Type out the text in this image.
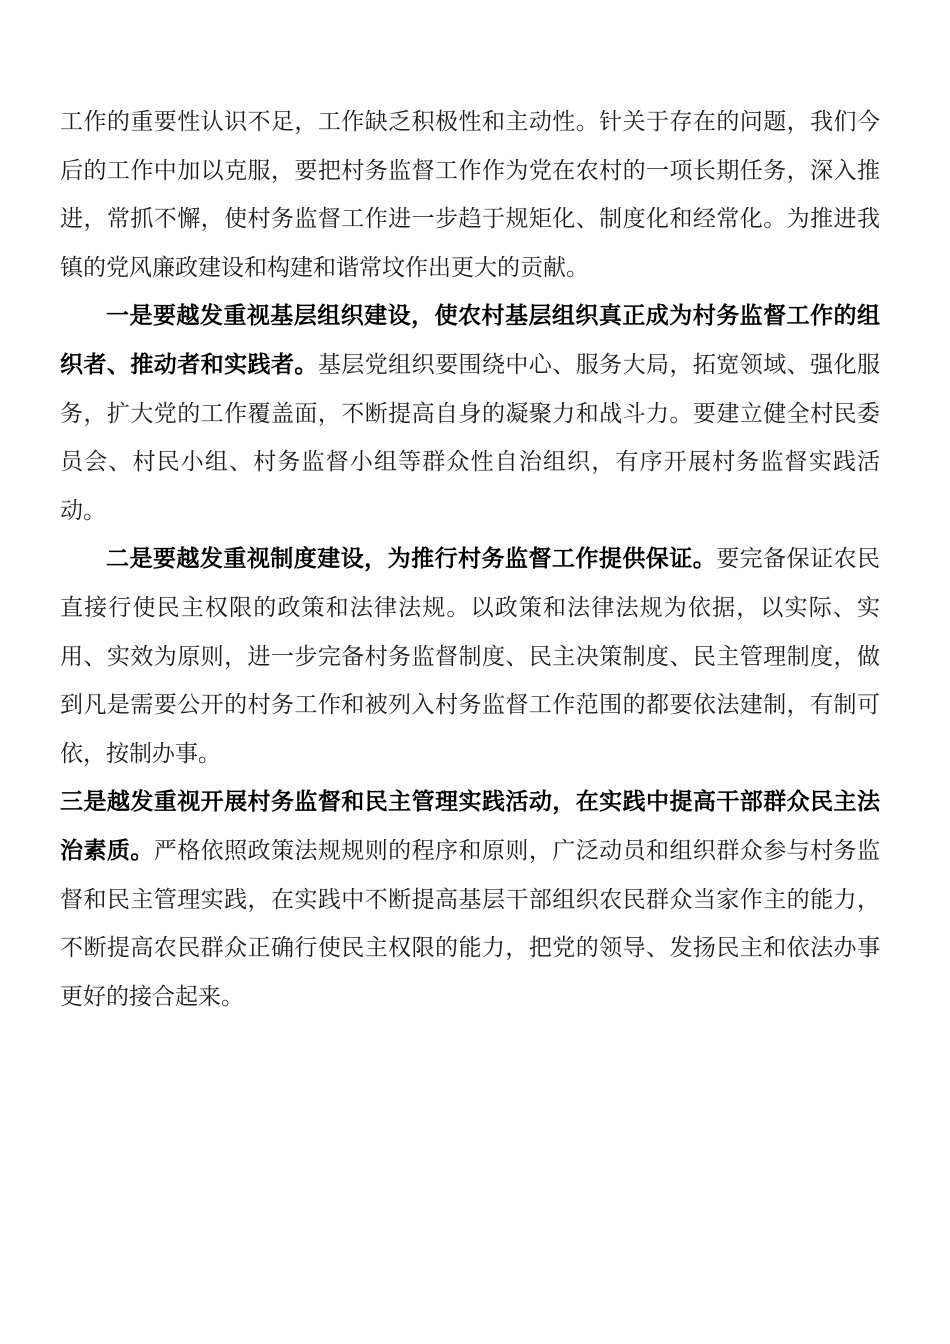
工作的重要性认识不足，工作缺乏积极性和主动性。针关于存在的问题，我们今后的工作中加以克服，要把村务监督工作作为党在农村的一项长期任务，深入推进，常抓不懈，使村务监督工作进一步趋于规矩化、制度化和经常化。为推进我镇的党风廉政建设和构建和谐常坟作出更大的贡献。

一是要越发重视基层组织建设，使农村基层组织真正成为村务监督工作的组织者、推动者和实践者。基层党组织要围绕中心、服务大局，拓宽领域、强化服务，扩大党的工作覆盖面，不断提高自身的凝聚力和战斗力。要建立健全村民委员会、村民小组、村务监督小组等群众性自治组织，有序开展村务监督实践活动。

二是要越发重视制度建设，为推行村务监督工作提供保证。要完备保证农民直接行使民主权限的政策和法律法规。以政策和法律法规为依据，以实际、实用、实效为原则，进一步完备村务监督制度、民主决策制度、民主管理制度，做到凡是需要公开的村务工作和被列入村务监督工作范围的都要依法建制，有制可依，按制办事。

三是越发重视开展村务监督和民主管理实践活动，在实践中提高干部群众民主法治素质。严格依照政策法规规则的程序和原则，广泛动员和组织群众参与村务监督和民主管理实践，在实践中不断提高基层干部组织农民群众当家作主的能力，不断提高农民群众正确行使民主权限的能力，把党的领导、发扬民主和依法办事更好的接合起来。
